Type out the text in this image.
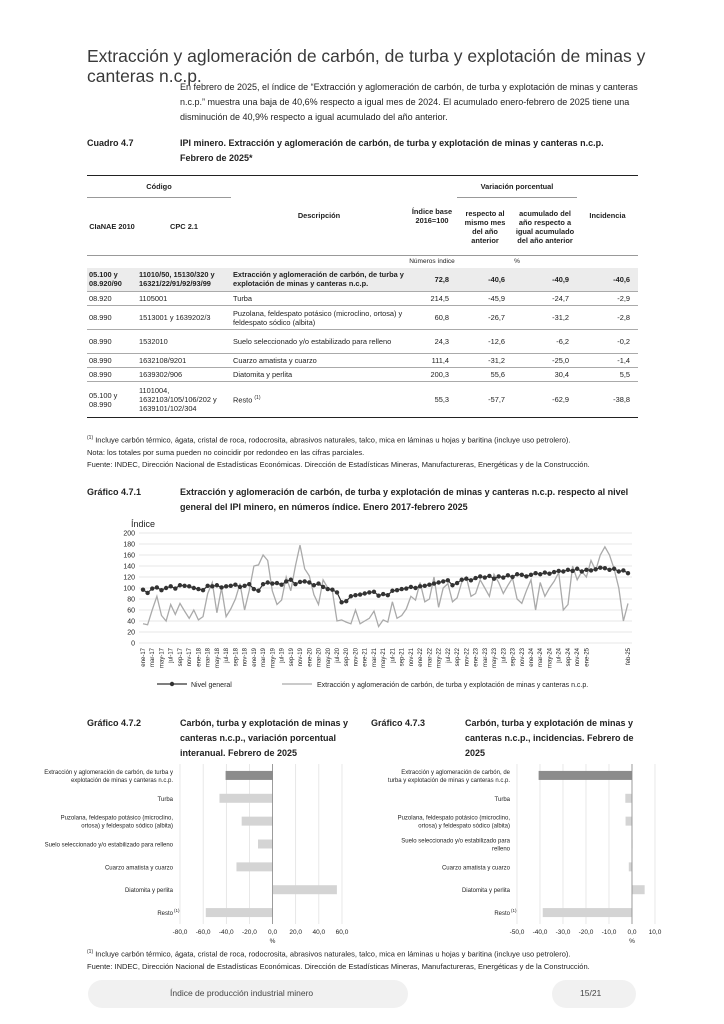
Extracción y aglomeración de carbón, de turba y explotación de minas y canteras n.c.p.

En febrero de 2025, el índice de “Extracción y aglomeración de carbón, de turba y explotación de minas y canteras n.c.p.” muestra una baja de 40,6% respecto a igual mes de 2024. El acumulado enero-febrero de 2025 tiene una disminución de 40,9% respecto a igual acumulado del año anterior.

Cuadro 4.7	IPI minero. Extracción y aglomeración de carbón, de turba y explotación de minas y canteras n.c.p.
Febrero de 2025*
Código		Descripción	Índice base 2016=100	Variación porcentual		Incidencia
CIaNAE 2010	CPC 2.1			respecto al mismo mes del año anterior	acumulado del año respecto a igual acumulado del año anterior	
			Números índice	%		
05.100 y 08.920/90	11010/50, 15130/320 y 16321/22/91/92/93/99	Extracción y aglomeración de carbón, de turba y explotación de minas y canteras n.c.p.	72,8	-40,6	-40,9	-40,6
08.920	1105001	Turba	214,5	-45,9	-24,7	-2,9
08.990	1513001 y 1639202/3	Puzolana, feldespato potásico (microclino, ortosa) y feldespato sódico (albita)	60,8	-26,7	-31,2	-2,8
08.990	1532010	Suelo seleccionado y/o estabilizado para relleno	24,3	-12,6	-6,2	-0,2
08.990	1632108/9201	Cuarzo amatista y cuarzo	111,4	-31,2	-25,0	-1,4
08.990	1639302/906	Diatomita y perlita	200,3	55,6	30,4	5,5
05.100 y 08.990	1101004, 1632103/105/106/202 y 1639101/102/304	Resto $^{(1)}$	55,3	-57,7	-62,9	-38,8
$^{(1)}$ Incluye carbón térmico, ágata, cristal de roca, rodocrosita, abrasivos naturales, talco, mica en láminas u hojas y baritina (incluye uso petrolero).
Nota: los totales por suma pueden no coincidir por redondeo en las cifras parciales.
Fuente: INDEC, Dirección Nacional de Estadísticas Económicas. Dirección de Estadísticas Mineras, Manufactureras, Energéticas y de la Construcción.
Gráfico 4.7.1	Extracción y aglomeración de carbón, de turba y explotación de minas y canteras n.c.p. respecto al nivel general del IPI minero, en números índice. Enero 2017-febrero 2025
Índice
0
20
40
60
80
100
120
140
160
180
200
ene-17 mar-17 may-17 jul-17 sep-17 nov-17 ene-18 mar-18 may-18 jul-18 sep-18 nov-18 ene-19 mar-19 may-19 jul-19 sep-19 nov-19 ene-20 mar-20 may-20 jul-20 sep-20 nov-20 ene-21 mar-21 may-21 jul-21 sep-21 nov-21 ene-22 mar-22 may-22 jul-22 sep-22 nov-22 ene-23 mar-23 may-23 jul-23 sep-23 nov-23 ene-24 mar-24 may-24 jul-24 sep-24 nov-24 ene-25	feb-25
Nivel general	Extracción y aglomeración de carbón, de turba y explotación de minas y canteras n.c.p.
Gráfico 4.7.2	Carbón, turba y explotación de minas y canteras n.c.p., variación porcentual interanual. Febrero de 2025
-80,0 -60,0 -40,0 -20,0 0,0 20,0 40,0 60,0
%
Extracción y aglomeración de carbón, de turba y
explotación de minas y canteras n.c.p.
Turba
Puzolana, feldespato potásico (microclino,
ortosa) y feldespato sódico (albita)
Suelo seleccionado y/o estabilizado para relleno
Cuarzo amatista y cuarzo
Diatomita y perlita
Resto
(1)
Gráfico 4.7.3	Carbón, turba y explotación de minas y canteras n.c.p., incidencias. Febrero de 2025
-50,0 -40,0 -30,0 -20,0 -10,0 0,0 10,0
%
Extracción y aglomeración de carbón, de
turba y explotación de minas y canteras n.c.p.
Turba
Puzolana, feldespato potásico (microclino,
ortosa) y feldespato sódico (albita)
Suelo seleccionado y/o estabilizado para
relleno
Cuarzo amatista y cuarzo
Diatomita y perlita
Resto
(1)
$^{(1)}$ Incluye carbón térmico, ágata, cristal de roca, rodocrosita, abrasivos naturales, talco, mica en láminas u hojas y baritina (incluye uso petrolero).
Fuente: INDEC, Dirección Nacional de Estadísticas Económicas. Dirección de Estadísticas Mineras, Manufactureras, Energéticas y de la Construcción.
Índice de producción industrial minero	15/21
